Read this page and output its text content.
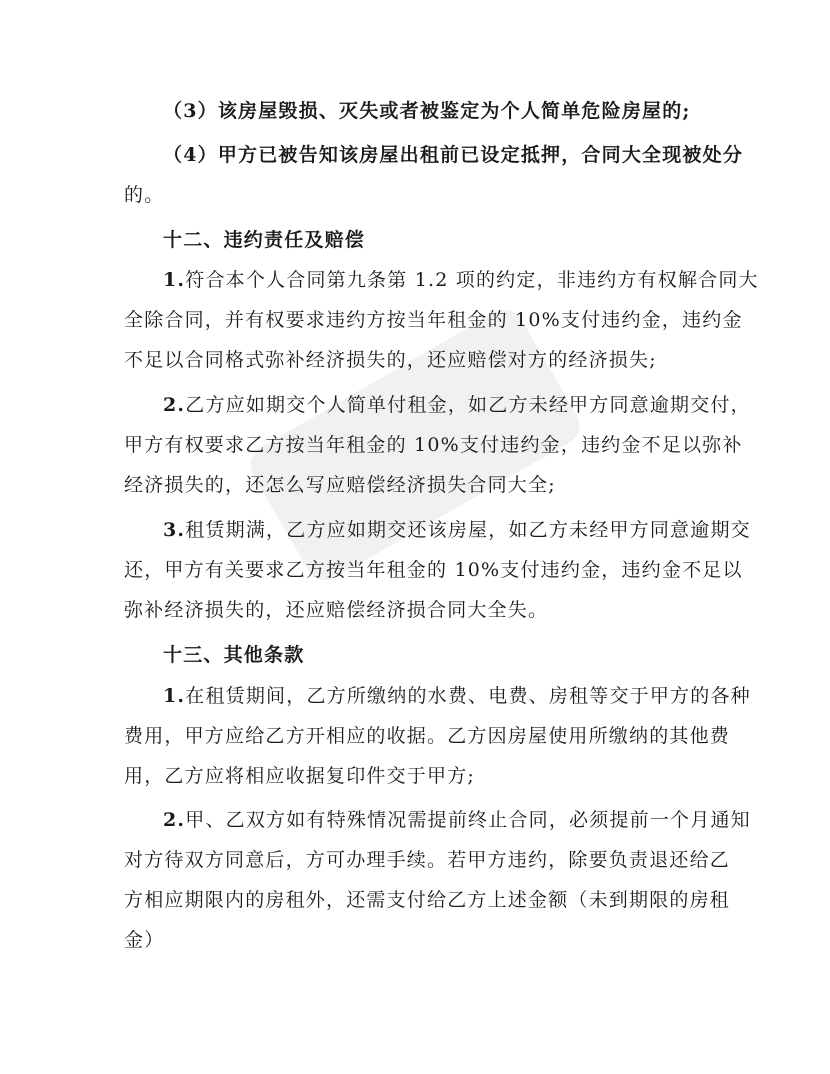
（3）该房屋毁损、灭失或者被鉴定为个人简单危险房屋的;
（4）甲方已被告知该房屋出租前已设定抵押，合同大全现被处分
的。
十二、违约责任及赔偿
1.符合本个人合同第九条第 1.2 项的约定，非违约方有权解合同大
全除合同，并有权要求违约方按当年租金的 10%支付违约金，违约金
不足以合同格式弥补经济损失的，还应赔偿对方的经济损失;
2.乙方应如期交个人简单付租金，如乙方未经甲方同意逾期交付，
甲方有权要求乙方按当年租金的 10%支付违约金，违约金不足以弥补
经济损失的，还怎么写应赔偿经济损失合同大全;
3.租赁期满，乙方应如期交还该房屋，如乙方未经甲方同意逾期交
还，甲方有关要求乙方按当年租金的 10%支付违约金，违约金不足以
弥补经济损失的，还应赔偿经济损合同大全失。
十三、其他条款
1.在租赁期间，乙方所缴纳的水费、电费、房租等交于甲方的各种
费用，甲方应给乙方开相应的收据。乙方因房屋使用所缴纳的其他费
用，乙方应将相应收据复印件交于甲方;
2.甲、乙双方如有特殊情况需提前终止合同，必须提前一个月通知
对方待双方同意后，方可办理手续。若甲方违约，除要负责退还给乙
方相应期限内的房租外，还需支付给乙方上述金额（未到期限的房租
金）
